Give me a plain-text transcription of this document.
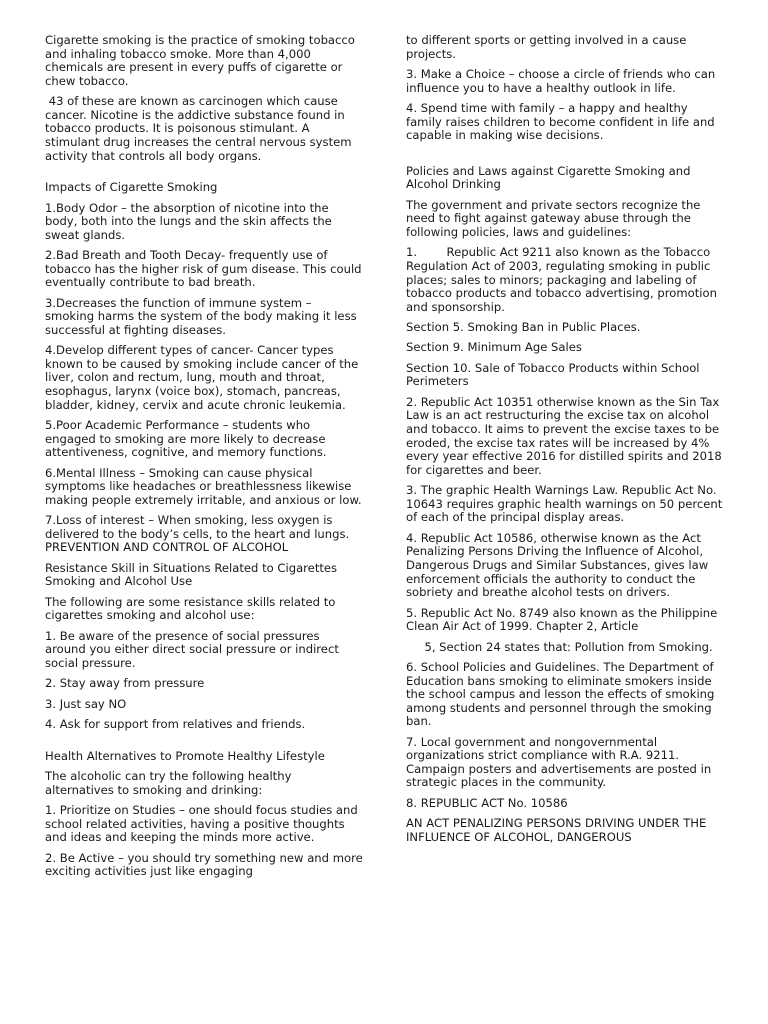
Cigarette smoking is the practice of smoking tobacco and inhaling tobacco smoke. More than 4,000 chemicals are present in every puffs of cigarette or chew tobacco.

43 of these are known as carcinogen which cause cancer. Nicotine is the addictive substance found in tobacco products. It is poisonous stimulant. A stimulant drug increases the central nervous system activity that controls all body organs.

Impacts of Cigarette Smoking

1.Body Odor – the absorption of nicotine into the body, both into the lungs and the skin affects the sweat glands.

2.Bad Breath and Tooth Decay- frequently use of tobacco has the higher risk of gum disease. This could eventually contribute to bad breath.

3.Decreases the function of immune system – smoking harms the system of the body making it less successful at fighting diseases.

4.Develop different types of cancer- Cancer types known to be caused by smoking include cancer of the liver, colon and rectum, lung, mouth and throat, esophagus, larynx (voice box), stomach, pancreas, bladder, kidney, cervix and acute chronic leukemia.

5.Poor Academic Performance – students who engaged to smoking are more likely to decrease attentiveness, cognitive, and memory functions.

6.Mental Illness – Smoking can cause physical symptoms like headaches or breathlessness likewise making people extremely irritable, and anxious or low.

7.Loss of interest – When smoking, less oxygen is delivered to the body’s cells, to the heart and lungs. PREVENTION AND CONTROL OF ALCOHOL

Resistance Skill in Situations Related to Cigarettes Smoking and Alcohol Use

The following are some resistance skills related to cigarettes smoking and alcohol use:

1. Be aware of the presence of social pressures around you either direct social pressure or indirect social pressure.

2. Stay away from pressure

3. Just say NO

4. Ask for support from relatives and friends.

Health Alternatives to Promote Healthy Lifestyle

The alcoholic can try the following healthy alternatives to smoking and drinking:

1. Prioritize on Studies – one should focus studies and school related activities, having a positive thoughts and ideas and keeping the minds more active.

2. Be Active – you should try something new and more exciting activities just like engaging

to different sports or getting involved in a cause projects.

3. Make a Choice – choose a circle of friends who can influence you to have a healthy outlook in life.

4. Spend time with family – a happy and healthy family raises children to become confident in life and capable in making wise decisions.

Policies and Laws against Cigarette Smoking and Alcohol Drinking

The government and private sectors recognize the need to fight against gateway abuse through the following policies, laws and guidelines:

1.        Republic Act 9211 also known as the Tobacco Regulation Act of 2003, regulating smoking in public places; sales to minors; packaging and labeling of tobacco products and tobacco advertising, promotion and sponsorship.

Section 5. Smoking Ban in Public Places.

Section 9. Minimum Age Sales

Section 10. Sale of Tobacco Products within School Perimeters

2. Republic Act 10351 otherwise known as the Sin Tax Law is an act restructuring the excise tax on alcohol and tobacco. It aims to prevent the excise taxes to be eroded, the excise tax rates will be increased by 4% every year effective 2016 for distilled spirits and 2018 for cigarettes and beer.

3. The graphic Health Warnings Law. Republic Act No. 10643 requires graphic health warnings on 50 percent of each of the principal display areas.

4. Republic Act 10586, otherwise known as the Act Penalizing Persons Driving the Influence of Alcohol, Dangerous Drugs and Similar Substances, gives law enforcement officials the authority to conduct the sobriety and breathe alcohol tests on drivers.

5. Republic Act No. 8749 also known as the Philippine Clean Air Act of 1999. Chapter 2, Article

5, Section 24 states that: Pollution from Smoking.

6. School Policies and Guidelines. The Department of Education bans smoking to eliminate smokers inside the school campus and lesson the effects of smoking among students and personnel through the smoking ban.

7. Local government and nongovernmental organizations strict compliance with R.A. 9211. Campaign posters and advertisements are posted in strategic places in the community.

8. REPUBLIC ACT No. 10586

AN ACT PENALIZING PERSONS DRIVING UNDER THE INFLUENCE OF ALCOHOL, DANGEROUS
